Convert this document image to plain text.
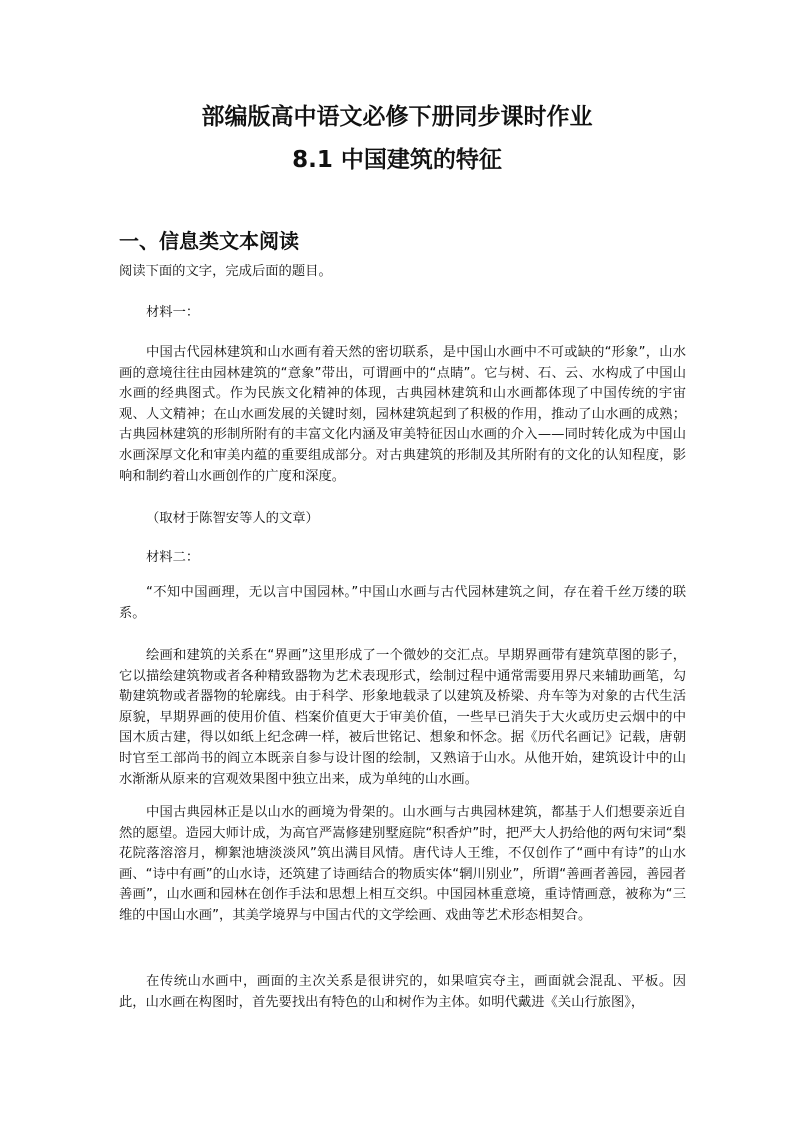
部编版高中语文必修下册同步课时作业
8.1 中国建筑的特征
一、信息类文本阅读

阅读下面的文字，完成后面的题目。

材料一：

中国古代园林建筑和山水画有着天然的密切联系，是中国山水画中不可或缺的“形象”，山水画的意境往往由园林建筑的“意象”带出，可谓画中的“点睛”。它与树、石、云、水构成了中国山水画的经典图式。作为民族文化精神的体现，古典园林建筑和山水画都体现了中国传统的宇宙观、人文精神；在山水画发展的关键时刻，园林建筑起到了积极的作用，推动了山水画的成熟；古典园林建筑的形制所附有的丰富文化内涵及审美特征因山水画的介入——同时转化成为中国山水画深厚文化和审美内蕴的重要组成部分。对古典建筑的形制及其所附有的文化的认知程度，影响和制约着山水画创作的广度和深度。

（取材于陈智安等人的文章）

材料二：

“不知中国画理，无以言中国园林。”中国山水画与古代园林建筑之间，存在着千丝万缕的联系。

绘画和建筑的关系在“界画”这里形成了一个微妙的交汇点。早期界画带有建筑草图的影子，它以描绘建筑物或者各种精致器物为艺术表现形式，绘制过程中通常需要用界尺来辅助画笔，勾勒建筑物或者器物的轮廓线。由于科学、形象地载录了以建筑及桥梁、舟车等为对象的古代生活原貌，早期界画的使用价值、档案价值更大于审美价值，一些早已消失于大火或历史云烟中的中国木质古建，得以如纸上纪念碑一样，被后世铭记、想象和怀念。据《历代名画记》记载，唐朝时官至工部尚书的阎立本既亲自参与设计图的绘制，又熟谙于山水。从他开始，建筑设计中的山水渐渐从原来的宫观效果图中独立出来，成为单纯的山水画。

中国古典园林正是以山水的画境为骨架的。山水画与古典园林建筑，都基于人们想要亲近自然的愿望。造园大师计成，为高官严嵩修建别墅庭院“积香炉”时，把严大人扔给他的两句宋词“梨花院落溶溶月，柳絮池塘淡淡风”筑出满目风情。唐代诗人王维，不仅创作了“画中有诗”的山水画、“诗中有画”的山水诗，还筑建了诗画结合的物质实体“辋川别业”，所谓“善画者善园，善园者善画”，山水画和园林在创作手法和思想上相互交织。中国园林重意境，重诗情画意，被称为“三维的中国山水画”，其美学境界与中国古代的文学绘画、戏曲等艺术形态相契合。

在传统山水画中，画面的主次关系是很讲究的，如果喧宾夺主，画面就会混乱、平板。因此，山水画在构图时，首先要找出有特色的山和树作为主体。如明代戴进《关山行旅图》，
